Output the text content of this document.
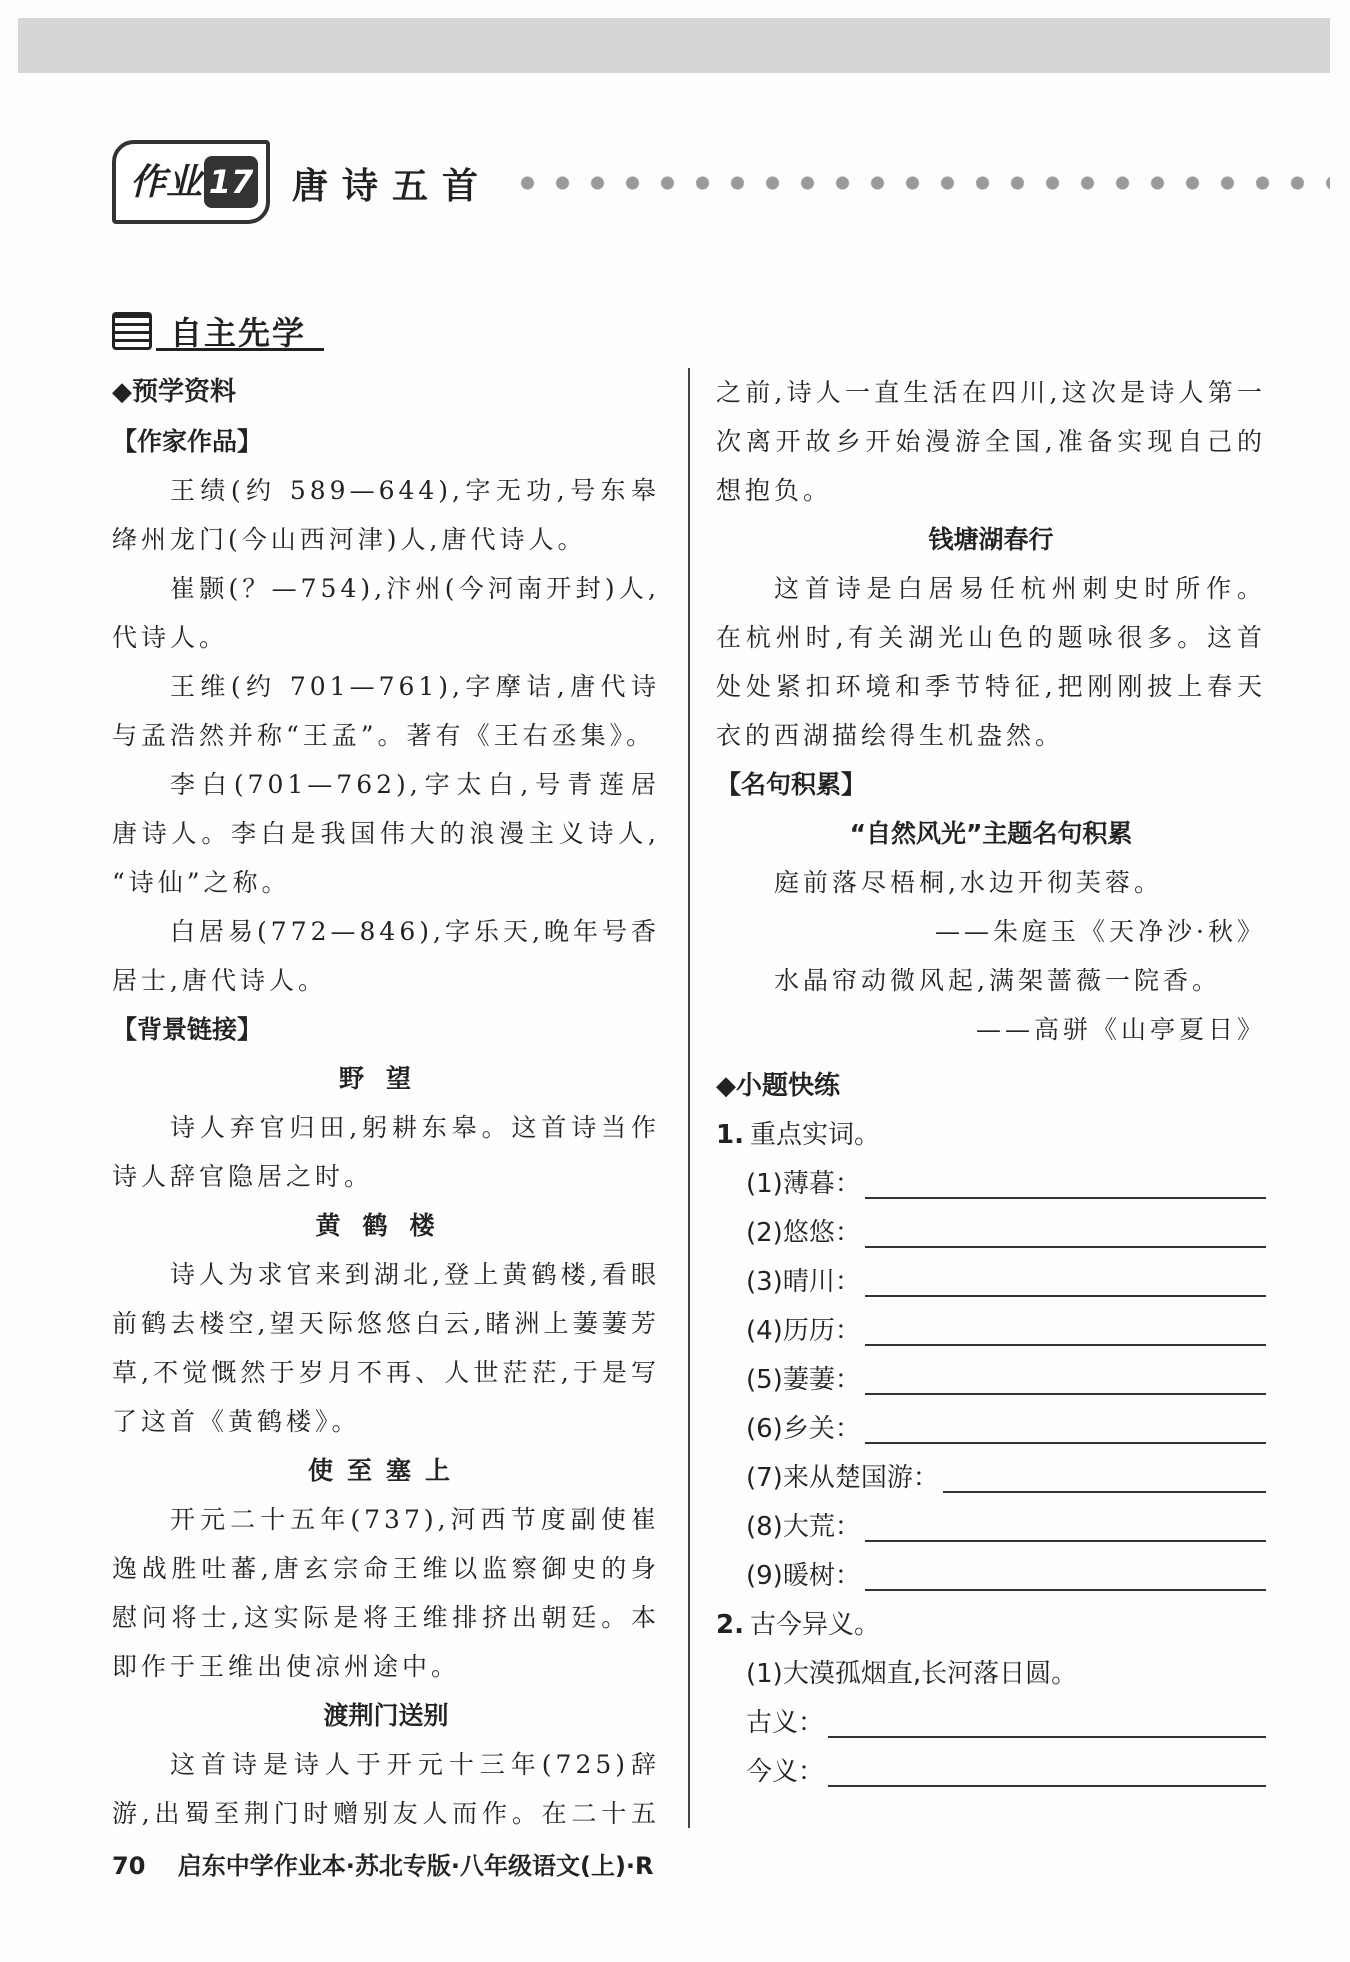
作业 17 唐诗五首
自主先学
◆预学资料
【作家作品】
王绩(约 589—644),字无功,号东皋
绛州龙门(今山西河津)人,唐代诗人。
崔颢(？—754),汴州(今河南开封)人,
代诗人。
王维(约 701—761),字摩诘,唐代诗
与孟浩然并称“王孟”。著有《王右丞集》。
李白(701—762),字太白,号青莲居
唐诗人。李白是我国伟大的浪漫主义诗人,
“诗仙”之称。
白居易(772—846),字乐天,晚年号香
居士,唐代诗人。
【背景链接】
野望
诗人弃官归田,躬耕东皋。这首诗当作
诗人辞官隐居之时。
黄鹤楼
诗人为求官来到湖北,登上黄鹤楼,看眼
前鹤去楼空,望天际悠悠白云,睹洲上萋萋芳
草,不觉慨然于岁月不再、人世茫茫,于是写
了这首《黄鹤楼》。
使至塞上
开元二十五年(737),河西节度副使崔
逸战胜吐蕃,唐玄宗命王维以监察御史的身
慰问将士,这实际是将王维排挤出朝廷。本
即作于王维出使凉州途中。
渡荆门送别
这首诗是诗人于开元十三年(725)辞
游,出蜀至荆门时赠别友人而作。在二十五
之前,诗人一直生活在四川,这次是诗人第一
次离开故乡开始漫游全国,准备实现自己的
想抱负。
钱塘湖春行
这首诗是白居易任杭州刺史时所作。
在杭州时,有关湖光山色的题咏很多。这首
处处紧扣环境和季节特征,把刚刚披上春天
衣的西湖描绘得生机盎然。
【名句积累】
“自然风光”主题名句积累
庭前落尽梧桐,水边开彻芙蓉。
——朱庭玉《天净沙·秋》
水晶帘动微风起,满架蔷薇一院香。
——高骈《山亭夏日》
◆小题快练
1. 重点实词。
(1)薄暮：
(2)悠悠：
(3)晴川：
(4)历历：
(5)萋萋：
(6)乡关：
(7)来从楚国游：
(8)大荒：
(9)暖树：
2. 古今异义。
(1)大漠孤烟直,长河落日圆。
古义：
今义：
70 启东中学作业本·苏北专版·八年级语文(上)·R
